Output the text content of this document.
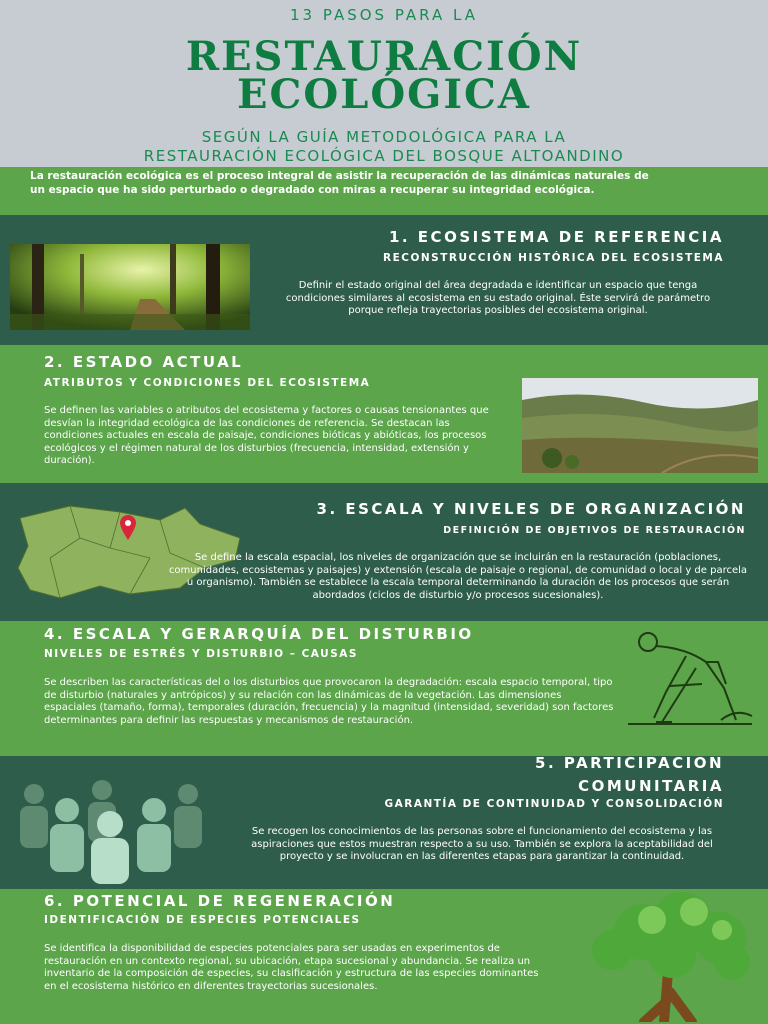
13 PASOS PARA LA
RESTAURACIÓN
ECOLÓGICA
SEGÚN LA GUÍA METODOLÓGICA PARA LA
RESTAURACIÓN ECOLÓGICA DEL BOSQUE ALTOANDINO
La restauración ecológica es el proceso integral de asistir la recuperación de las dinámicas naturales de un espacio que ha sido perturbado o degradado con miras a recuperar su integridad ecológica.
1. ECOSISTEMA DE REFERENCIA
RECONSTRUCCIÓN HISTÓRICA DEL ECOSISTEMA
Definir el estado original del área degradada e identificar un espacio que tenga condiciones similares al ecosistema en su estado original. Éste servirá de parámetro porque refleja trayectorias posibles del ecosistema original.
2. ESTADO ACTUAL
ATRIBUTOS Y CONDICIONES DEL ECOSISTEMA
Se definen las variables o atributos del ecosistema y factores o causas tensionantes que desvían la integridad ecológica de las condiciones de referencia. Se destacan las condiciones actuales en escala de paisaje, condiciones bióticas y abióticas, los procesos ecológicos y el régimen natural de los disturbios (frecuencia, intensidad, extensión y duración).
3. ESCALA Y NIVELES DE ORGANIZACIÓN
DEFINICIÓN DE OBJETIVOS DE RESTAURACIÓN
Se define la escala espacial, los niveles de organización que se incluirán en la restauración (poblaciones, comunidades, ecosistemas y paisajes) y extensión (escala de paisaje o regional, de comunidad o local y de parcela u organismo). También se establece la escala temporal determinando la duración de los procesos que serán abordados (ciclos de disturbio y/o procesos sucesionales).
4. ESCALA Y GERARQUÍA DEL DISTURBIO
NIVELES DE ESTRÉS Y DISTURBIO – CAUSAS
Se describen las características del o los disturbios que provocaron la degradación: escala espacio temporal, tipo de disturbio (naturales y antrópicos) y su relación con las dinámicas de la vegetación. Las dimensiones espaciales (tamaño, forma), temporales (duración, frecuencia) y la magnitud (intensidad, severidad) son factores determinantes para definir las respuestas y mecanismos de restauración.
5. PARTICIPACION
COMUNITARIA
GARANTÍA DE CONTINUIDAD Y CONSOLIDACIÓN
Se recogen los conocimientos de las personas sobre el funcionamiento del ecosistema y las aspiraciones que estos muestran respecto a su uso. También se explora la aceptabilidad del proyecto y se involucran en las diferentes etapas para garantizar la continuidad.
6. POTENCIAL DE REGENERACIÓN
IDENTIFICACIÓN DE ESPECIES POTENCIALES
Se identifica la disponibilidad de especies potenciales para ser usadas en experimentos de restauración en un contexto regional, su ubicación, etapa sucesional y abundancia. Se realiza un inventario de la composición de especies, su clasificación y estructura de las especies dominantes en el ecosistema histórico en diferentes trayectorias sucesionales.
